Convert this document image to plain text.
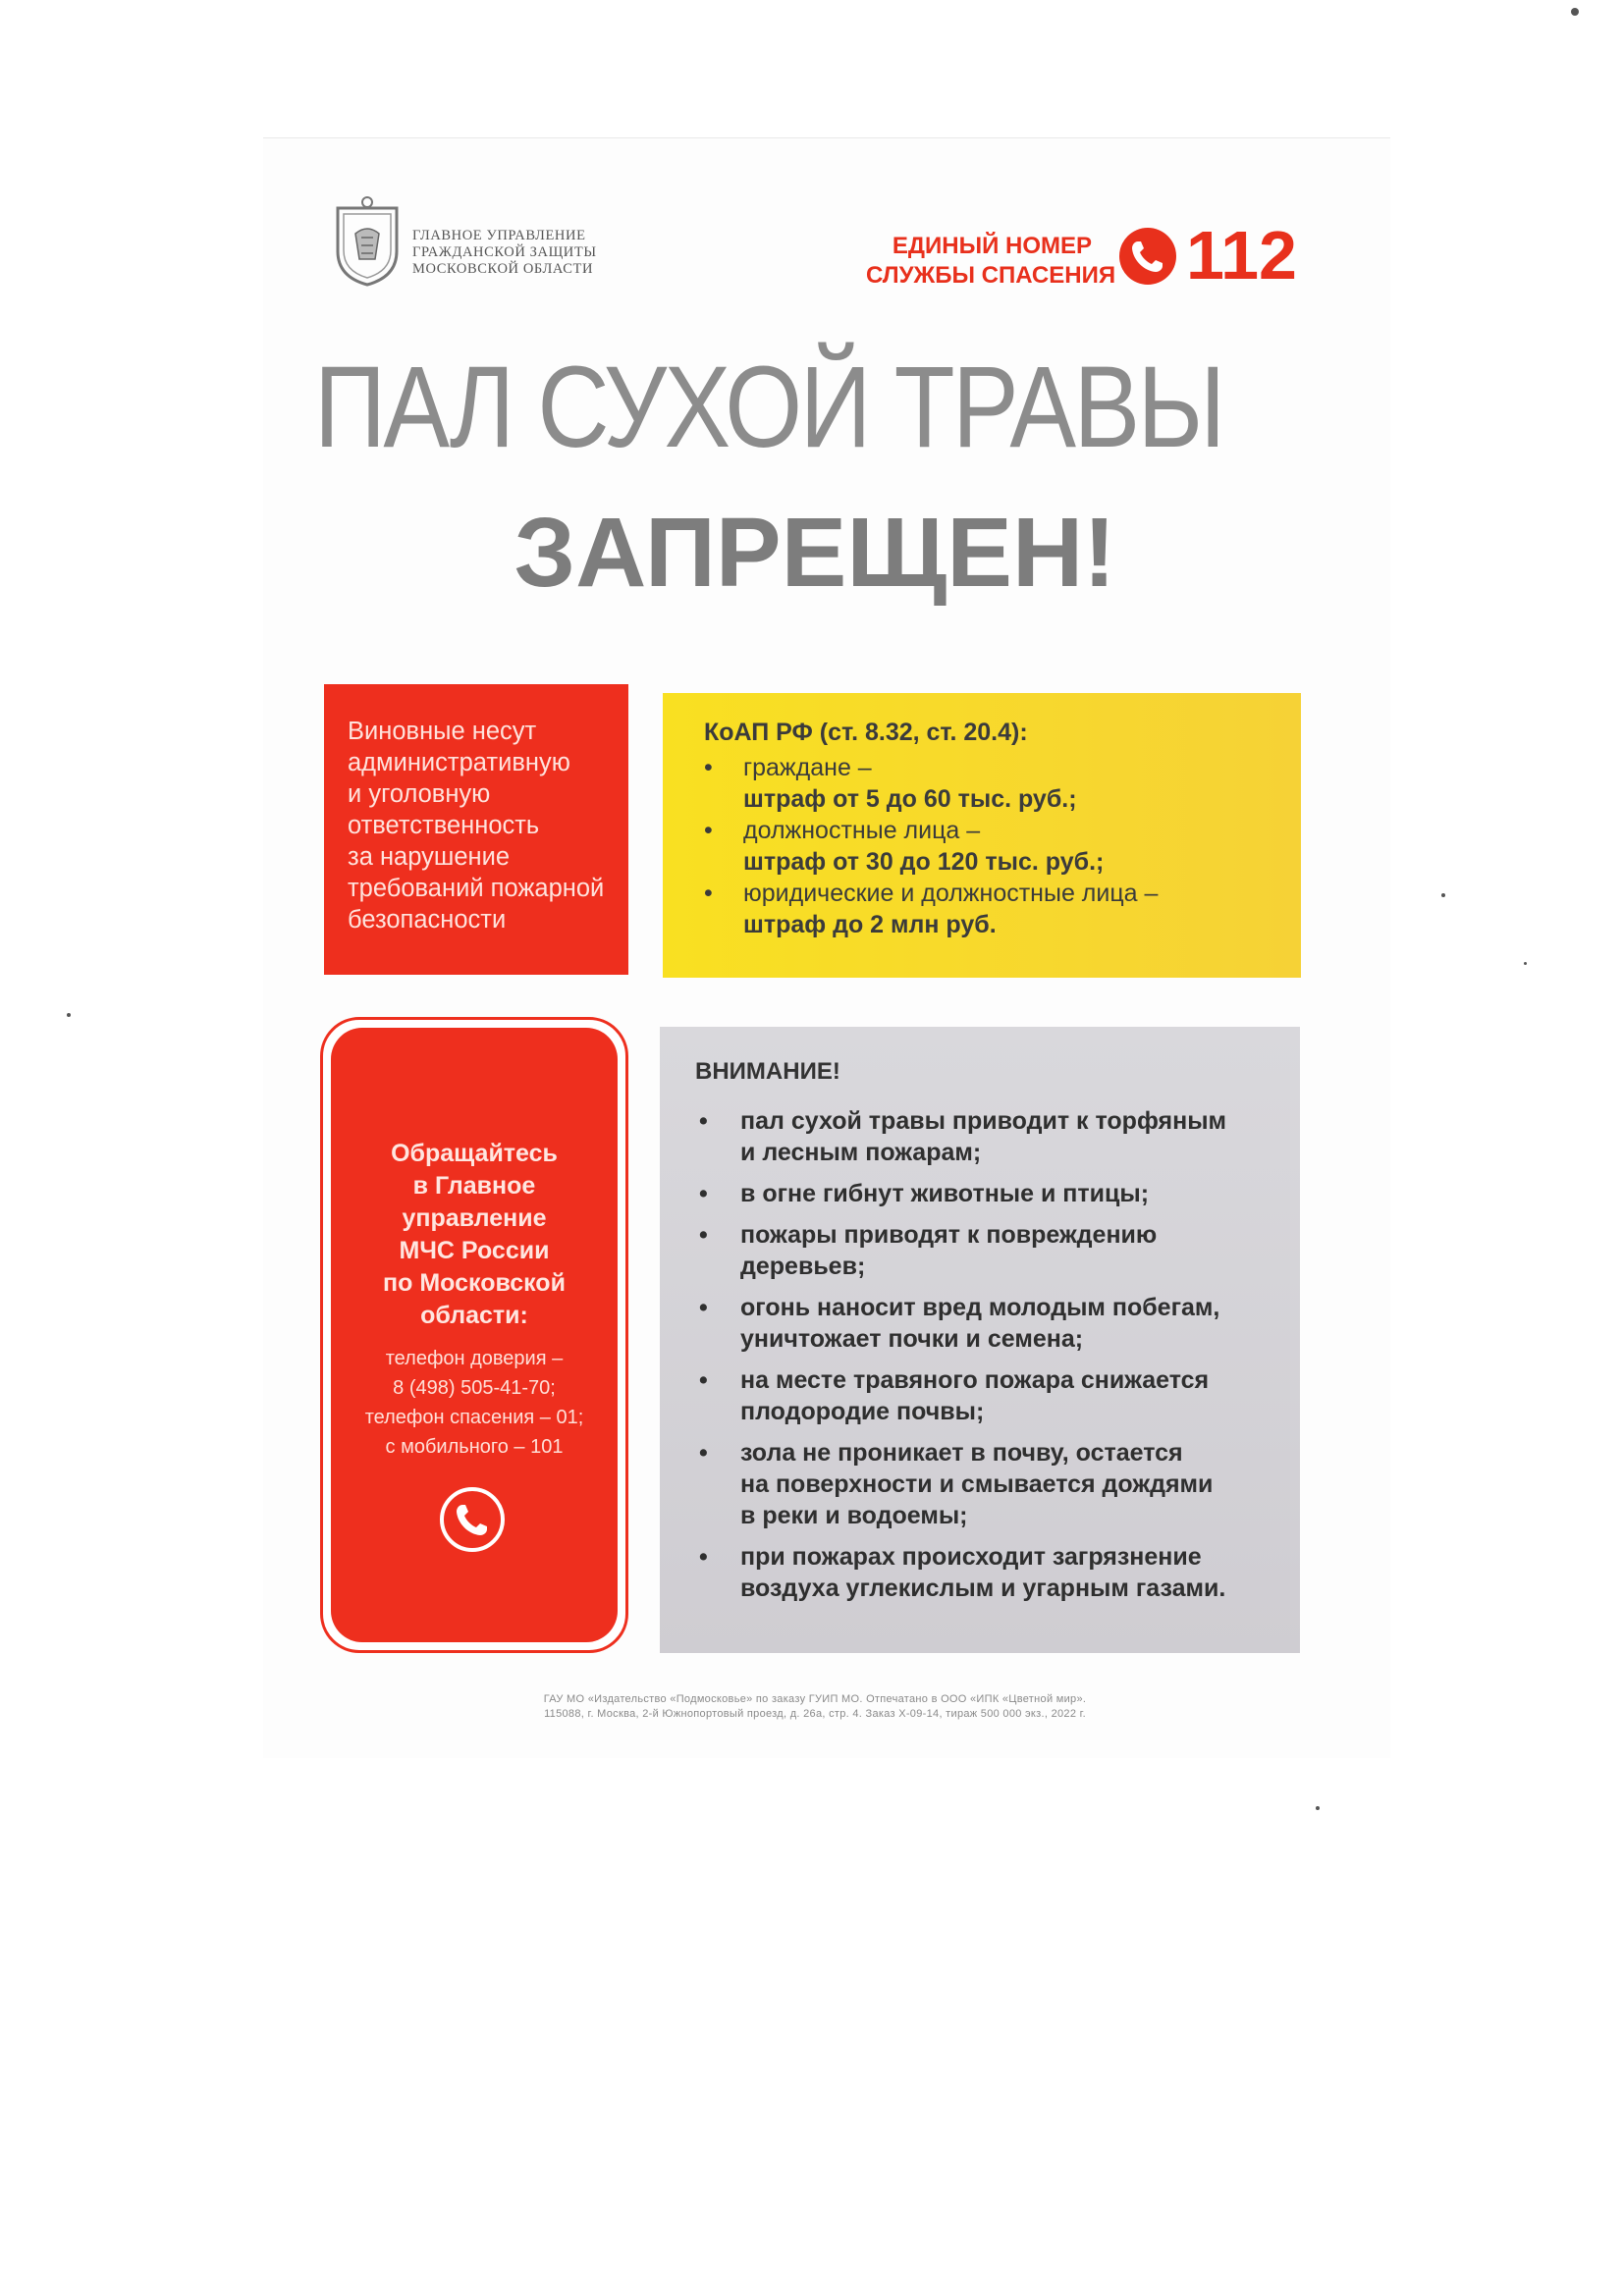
ГЛАВНОЕ УПРАВЛЕНИЕ
ГРАЖДАНСКОЙ ЗАЩИТЫ
МОСКОВСКОЙ ОБЛАСТИ
ЕДИНЫЙ НОМЕР
СЛУЖБЫ СПАСЕНИЯ 112
ПАЛ СУХОЙ ТРАВЫ
ЗАПРЕЩЕН!
Виновные несут
административную
и уголовную
ответственность
за нарушение
требований пожарной
безопасности
КоАП РФ (ст. 8.32, ст. 20.4):
• граждане –
штраф от 5 до 60 тыс. руб.;
• должностные лица –
штраф от 30 до 120 тыс. руб.;
• юридические и должностные лица –
штраф до 2 млн руб.
Обращайтесь
в Главное
управление
МЧС России
по Московской
области:
телефон доверия –
8 (498) 505-41-70;
телефон спасения – 01;
с мобильного – 101
ВНИМАНИЕ!
• пал сухой травы приводит к торфяным
и лесным пожарам;
• в огне гибнут животные и птицы;
• пожары приводят к повреждению
деревьев;
• огонь наносит вред молодым побегам,
уничтожает почки и семена;
• на месте травяного пожара снижается
плодородие почвы;
• зола не проникает в почву, остается
на поверхности и смывается дождями
в реки и водоемы;
• при пожарах происходит загрязнение
воздуха углекислым и угарным газами.
ГАУ МО «Издательство «Подмосковье» по заказу ГУИП МО. Отпечатано в ООО «ИПК «Цветной мир».
115088, г. Москва, 2-й Южнопортовый проезд, д. 26а, стр. 4. Заказ Х-09-14, тираж 500 000 экз., 2022 г.
